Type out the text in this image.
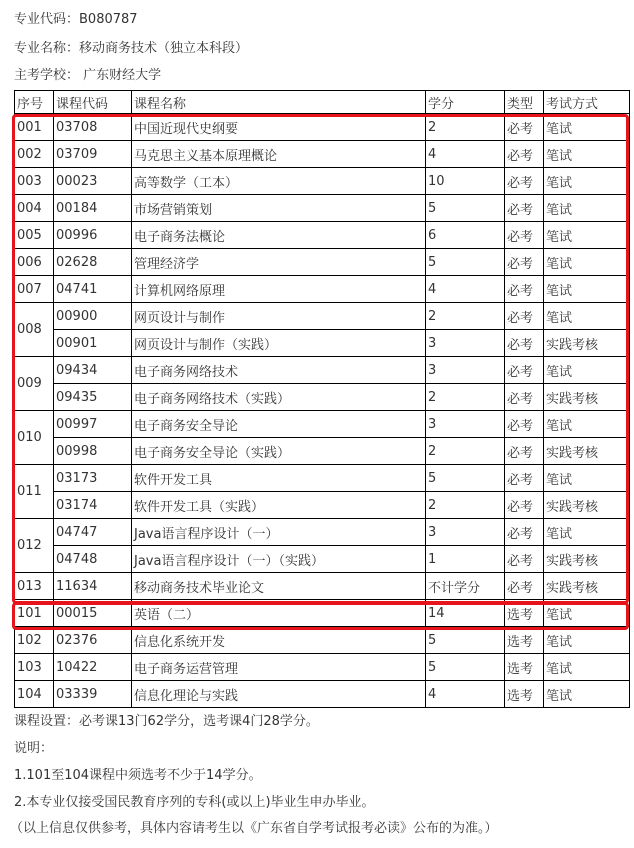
专业代码：B080787
专业名称：移动商务技术（独立本科段）
主考学校： 广东财经大学
序号	课程代码	课程名称	学分	类型	考试方式
001	03708	中国近现代史纲要	2	必考	笔试
002	03709	马克思主义基本原理概论	4	必考	笔试
003	00023	高等数学（工本）	10	必考	笔试
004	00184	市场营销策划	5	必考	笔试
005	00996	电子商务法概论	6	必考	笔试
006	02628	管理经济学	5	必考	笔试
007	04741	计算机网络原理	4	必考	笔试
008	00900	网页设计与制作	2	必考	笔试
	00901	网页设计与制作（实践）	3	必考	实践考核
009	09434	电子商务网络技术	3	必考	笔试
	09435	电子商务网络技术（实践）	2	必考	实践考核
010	00997	电子商务安全导论	3	必考	笔试
	00998	电子商务安全导论（实践）	2	必考	实践考核
011	03173	软件开发工具	5	必考	笔试
	03174	软件开发工具（实践）	2	必考	实践考核
012	04747	Java语言程序设计（一）	3	必考	笔试
	04748	Java语言程序设计（一）（实践）	1	必考	实践考核
013	11634	移动商务技术毕业论文	不计学分	必考	实践考核
101	00015	英语（二）	14	选考	笔试
102	02376	信息化系统开发	5	选考	笔试
103	10422	电子商务运营管理	5	选考	笔试
104	03339	信息化理论与实践	4	选考	笔试
课程设置：必考课13门62学分，选考课4门28学分。
说明：
1.101至104课程中须选考不少于14学分。
2.本专业仅接受国民教育序列的专科(或以上)毕业生申办毕业。
（以上信息仅供参考，具体内容请考生以《广东省自学考试报考必读》公布的为准。）
